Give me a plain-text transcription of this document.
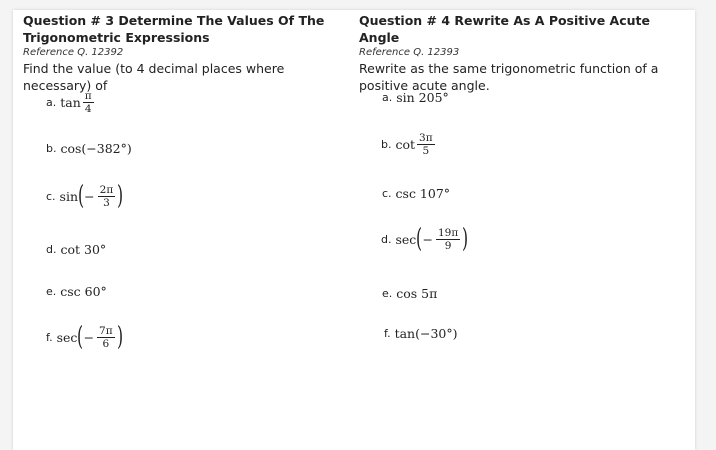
Question # 3 Determine The Values Of The Trigonometric Expressions

Reference Q. 12392
Find the value (to 4 decimal places where necessary) of
a. $\tan \frac{\pi}{4}$
b. cos(−382°)
c. sin ( − $\frac{2\pi}{3}$ )
d. cot 30°
e. csc 60°
f. sec ( − $\frac{7\pi}{6}$ )

Question # 4 Rewrite As A Positive Acute Angle

Reference Q. 12393
Rewrite as the same trigonometric function of a positive acute angle.
a. sin 205°
b. $\cot \frac{3\pi}{5}$
c. csc 107°
d. sec ( − $\frac{19\pi}{9}$ )
e. cos 5π
f. tan(−30°)
